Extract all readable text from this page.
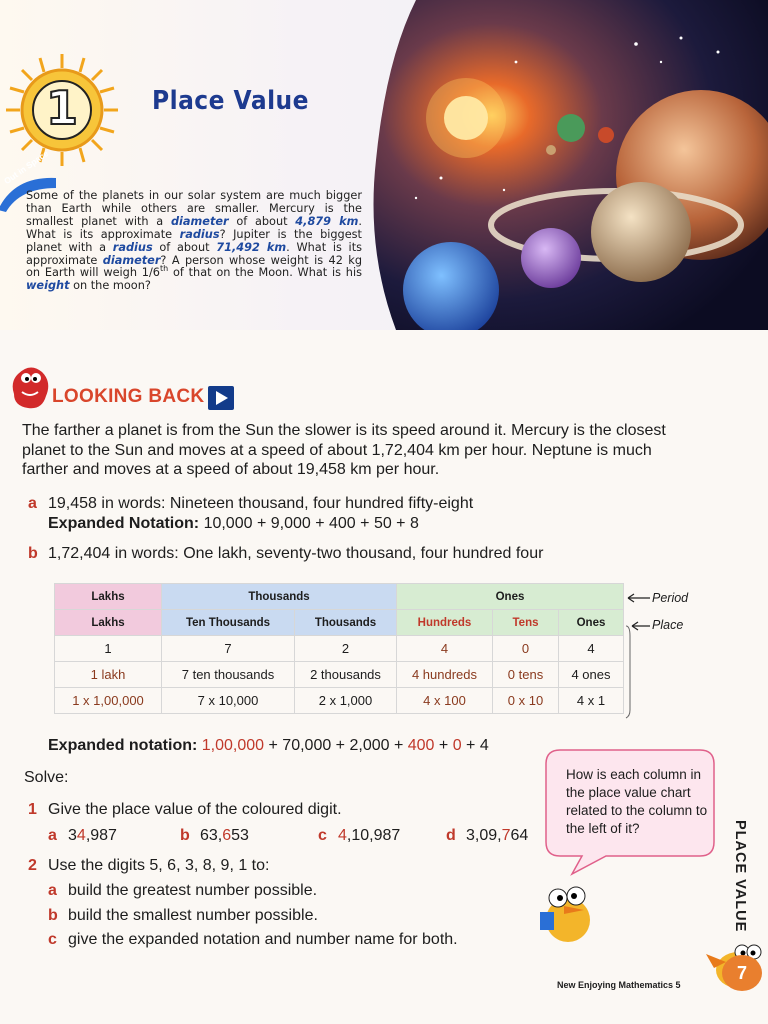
1	Place Value
Out in Space
Some of the planets in our solar system are much bigger than Earth while others are smaller. Mercury is the smallest planet with a diameter of about 4,879 km. What is its approximate radius? Jupiter is the biggest planet with a radius of about 71,492 km. What is its approximate diameter? A person whose weight is 42 kg on Earth will weigh 1/6th of that on the Moon. What is his weight on the moon?
LOOKING BACK
The farther a planet is from the Sun the slower is its speed around it. Mercury is the closest planet to the Sun and moves at a speed of about 1,72,404 km per hour. Neptune is much farther and moves at a speed of about 19,458 km per hour.
a 19,458 in words: Nineteen thousand, four hundred fifty-eight
Expanded Notation: 10,000 + 9,000 + 400 + 50 + 8
b 1,72,404 in words: One lakh, seventy-two thousand, four hundred four
Lakhs	Thousands		Ones		
Lakhs	Ten Thousands	Thousands	Hundreds	Tens	Ones
1	7	2	4	0	4
1 lakh	7 ten thousands	2 thousands	4 hundreds	0 tens	4 ones
1 x 1,00,000	7 x 10,000	2 x 1,000	4 x 100	0 x 10	4 x 1
Period
Place
Expanded notation: 1,00,000 + 70,000 + 2,000 + 400 + 0 + 4
Solve:
1 Give the place value of the coloured digit.
a 34,987	b 63,653	c 4,10,987	d 3,09,764
2 Use the digits 5, 6, 3, 8, 9, 1 to:
a build the greatest number possible.
b build the smallest number possible.
c give the expanded notation and number name for both.
How is each column in the place value chart related to the column to the left of it?	PLACE VALUE
7
New Enjoying Mathematics 5
